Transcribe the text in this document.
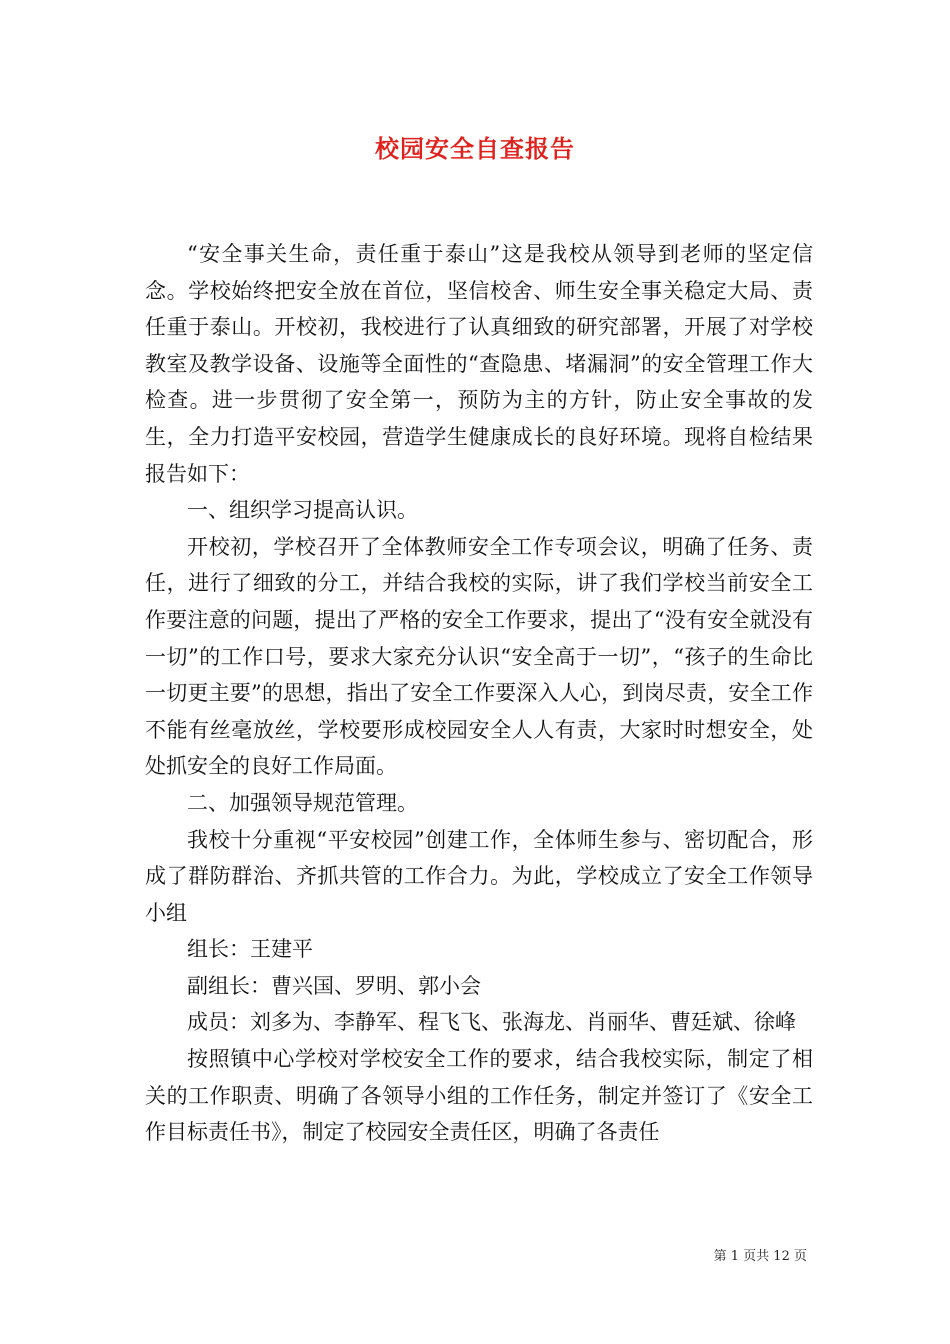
校园安全自查报告

“安全事关生命，责任重于泰山”这是我校从领导到老师的坚定信念。学校始终把安全放在首位，坚信校舍、师生安全事关稳定大局、责任重于泰山。开校初，我校进行了认真细致的研究部署，开展了对学校教室及教学设备、设施等全面性的“查隐患、堵漏洞”的安全管理工作大检查。进一步贯彻了安全第一，预防为主的方针，防止安全事故的发生，全力打造平安校园，营造学生健康成长的良好环境。现将自检结果报告如下：

一、组织学习提高认识。

开校初，学校召开了全体教师安全工作专项会议，明确了任务、责任，进行了细致的分工，并结合我校的实际，讲了我们学校当前安全工作要注意的问题，提出了严格的安全工作要求，提出了“没有安全就没有一切”的工作口号，要求大家充分认识“安全高于一切”，“孩子的生命比一切更主要”的思想，指出了安全工作要深入人心，到岗尽责，安全工作不能有丝毫放丝，学校要形成校园安全人人有责，大家时时想安全，处处抓安全的良好工作局面。

二、加强领导规范管理。

我校十分重视“平安校园”创建工作，全体师生参与、密切配合，形成了群防群治、齐抓共管的工作合力。为此，学校成立了安全工作领导小组

组长：王建平

副组长：曹兴国、罗明、郭小会

成员：刘多为、李静军、程飞飞、张海龙、肖丽华、曹廷斌、徐峰

按照镇中心学校对学校安全工作的要求，结合我校实际，制定了相关的工作职责、明确了各领导小组的工作任务，制定并签订了《安全工作目标责任书》，制定了校园安全责任区，明确了各责任

第 1 页共 12 页
